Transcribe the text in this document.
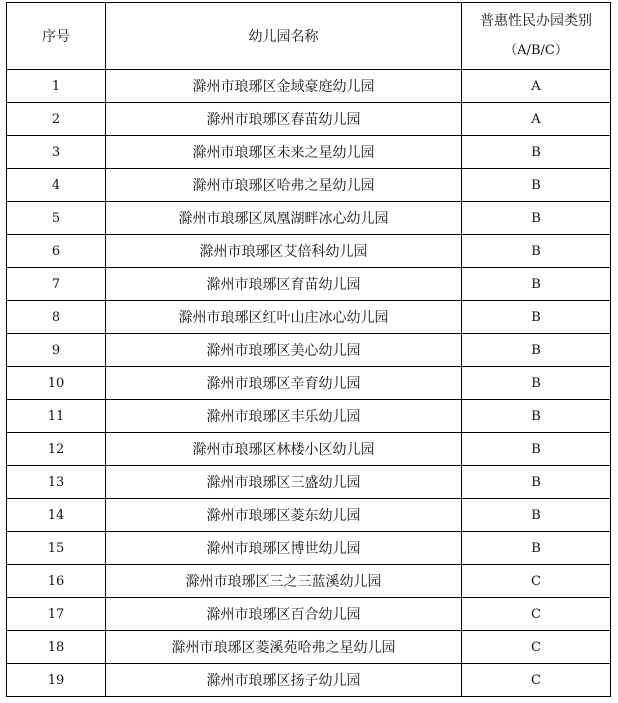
序号	幼儿园名称	普惠性民办园类别
（A/B/C）

1	滁州市琅琊区金域豪庭幼儿园	A
2	滁州市琅琊区春苗幼儿园	A
3	滁州市琅琊区未来之星幼儿园	B
4	滁州市琅琊区哈弗之星幼儿园	B
5	滁州市琅琊区凤凰湖畔冰心幼儿园	B
6	滁州市琅琊区艾倍科幼儿园	B
7	滁州市琅琊区育苗幼儿园	B
8	滁州市琅琊区红叶山庄冰心幼儿园	B
9	滁州市琅琊区美心幼儿园	B
10	滁州市琅琊区辛育幼儿园	B
11	滁州市琅琊区丰乐幼儿园	B
12	滁州市琅琊区林楼小区幼儿园	B
13	滁州市琅琊区三盛幼儿园	B
14	滁州市琅琊区菱东幼儿园	B
15	滁州市琅琊区博世幼儿园	B
16	滁州市琅琊区三之三蓝溪幼儿园	C
17	滁州市琅琊区百合幼儿园	C
18	滁州市琅琊区菱溪苑哈弗之星幼儿园	C
19	滁州市琅琊区扬子幼儿园	C
